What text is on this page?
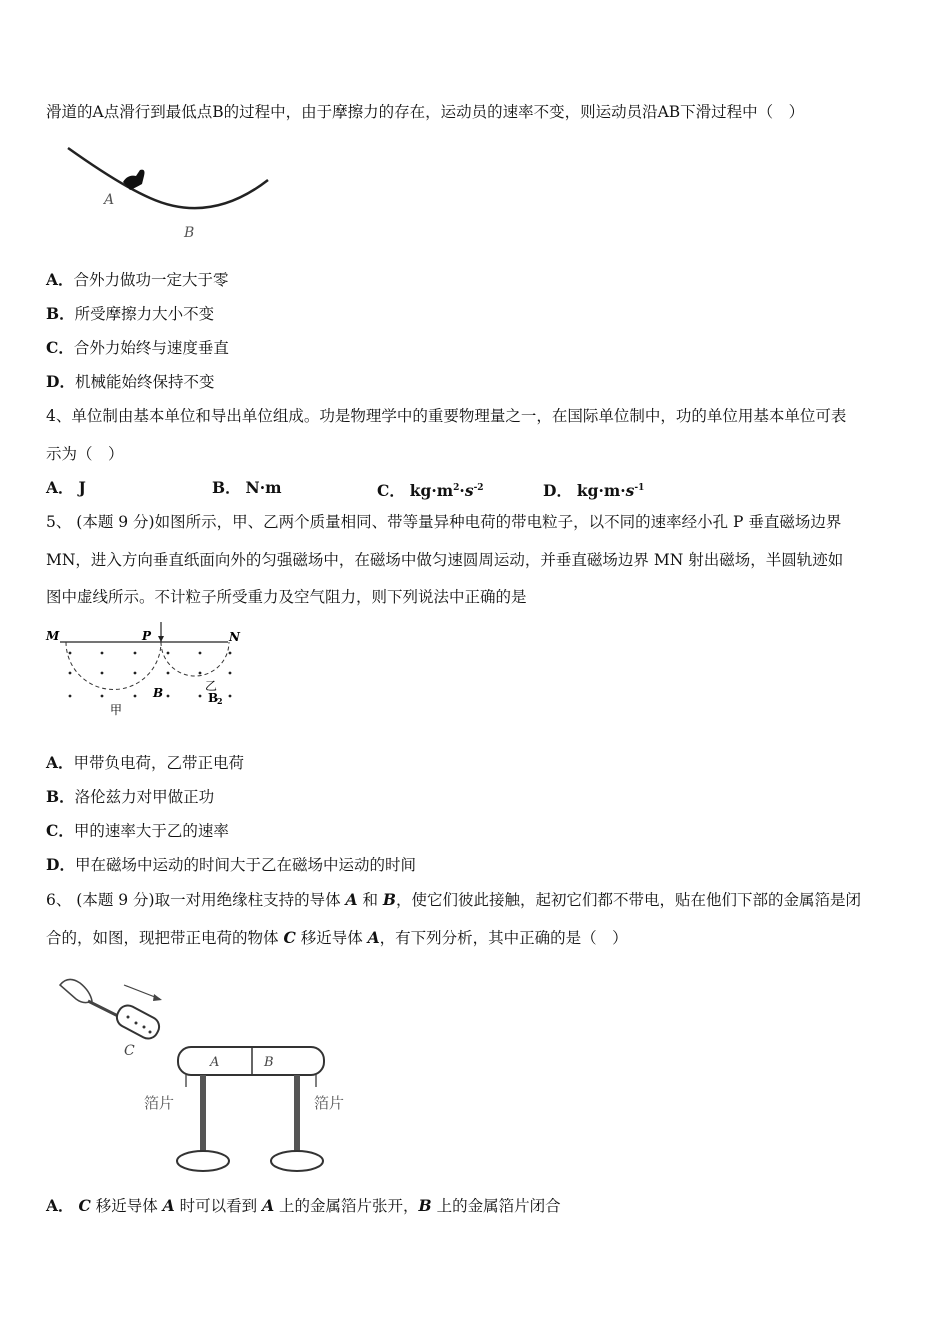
滑道的A点滑行到最低点B的过程中，由于摩擦力的存在，运动员的速率不变，则运动员沿AB下滑过程中（　）
A
B
A．合外力做功一定大于零
B．所受摩擦力大小不变
C．合外力始终与速度垂直
D．机械能始终保持不变
4、单位制由基本单位和导出单位组成。功是物理学中的重要物理量之一，在国际单位制中，功的单位用基本单位可表
示为（　）
A． J	B． N·m	C． $kg\cdot m^2\cdot s^{-2}$	D． $kg\cdot m\cdot s^{-1}$
5、 (本题 9 分)如图所示，甲、乙两个质量相同、带等量异种电荷的带电粒子，以不同的速率经小孔 P 垂直磁场边界
MN，进入方向垂直纸面向外的匀强磁场中，在磁场中做匀速圆周运动，并垂直磁场边界 MN 射出磁场，半圆轨迹如
图中虚线所示。不计粒子所受重力及空气阻力，则下列说法中正确的是
M	P	N
B
甲
乙
B
2
A．甲带负电荷，乙带正电荷
B．洛伦兹力对甲做正功
C．甲的速率大于乙的速率
D．甲在磁场中运动的时间大于乙在磁场中运动的时间
6、 (本题 9 分)取一对用绝缘柱支持的导体 A 和 B，使它们彼此接触，起初它们都不带电，贴在他们下部的金属箔是闭
合的，如图，现把带正电荷的物体 C 移近导体 A，有下列分析，其中正确的是（　）
C
A	B
箔片	箔片
A． C 移近导体 A 时可以看到 A 上的金属箔片张开，B 上的金属箔片闭合
